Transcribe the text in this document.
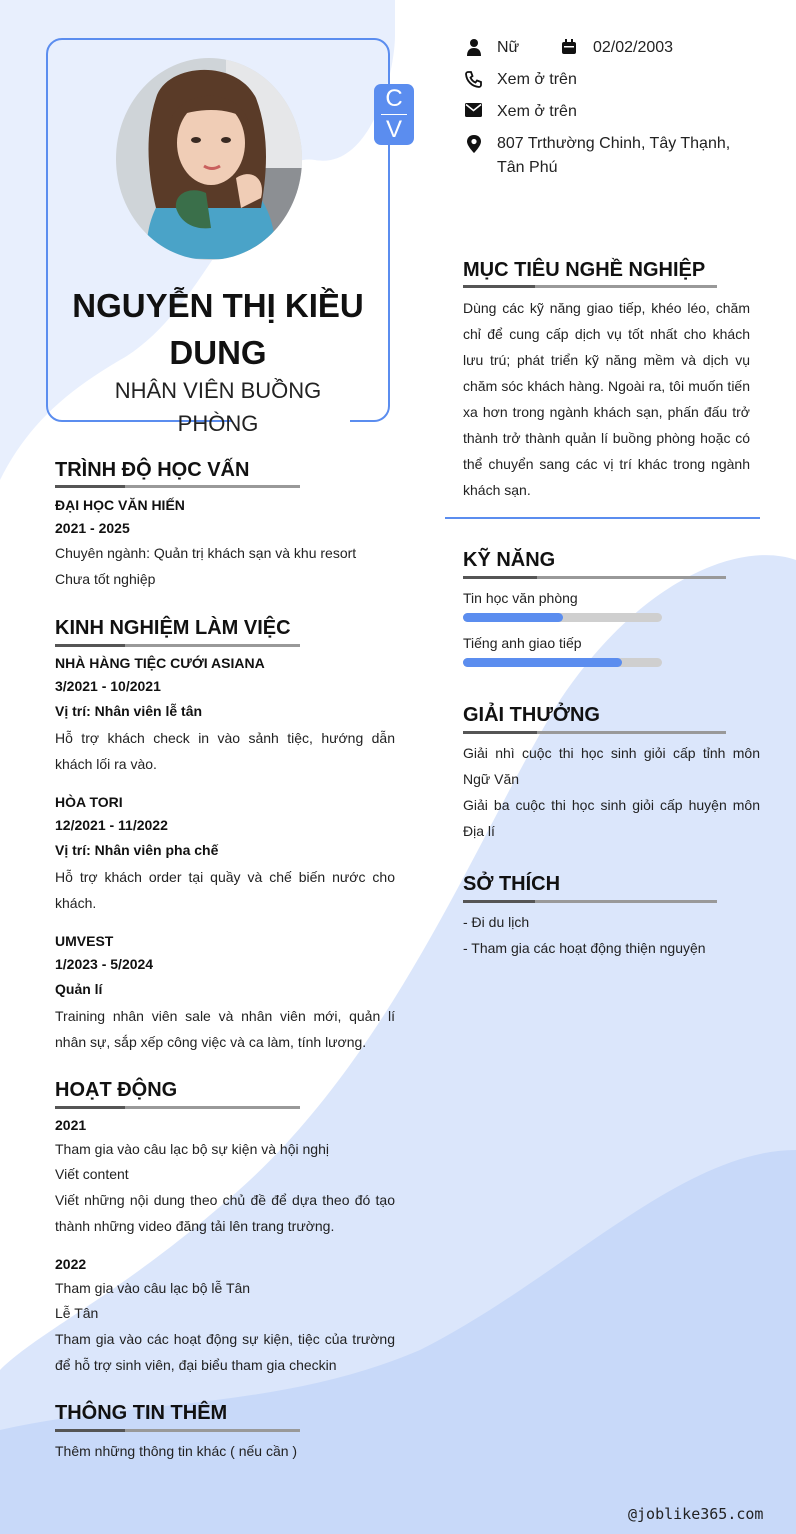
C
V
NGUYỄN THỊ KIỀU DUNG
NHÂN VIÊN BUỒNG PHÒNG
Nữ	02/02/2003
Xem ở trên
Xem ở trên
807 Trthường Chinh, Tây Thạnh, Tân Phú
MỤC TIÊU NGHỀ NGHIỆP
Dùng các kỹ năng giao tiếp, khéo léo, chăm chỉ để cung cấp dịch vụ tốt nhất cho khách lưu trú; phát triển kỹ năng mềm và dịch vụ chăm sóc khách hàng. Ngoài ra, tôi muốn tiến xa hơn trong ngành khách sạn, phấn đấu trở thành trở thành quản lí buồng phòng hoặc có thể chuyển sang các vị trí khác trong ngành khách sạn.
TRÌNH ĐỘ HỌC VẤN
ĐẠI HỌC VĂN HIẾN
2021 - 2025
Chuyên ngành: Quản trị khách sạn và khu resort
Chưa tốt nghiệp
KINH NGHIỆM LÀM VIỆC
NHÀ HÀNG TIỆC CƯỚI ASIANA
3/2021 - 10/2021
Vị trí: Nhân viên lễ tân
Hỗ trợ khách check in vào sảnh tiệc, hướng dẫn khách lối ra vào.
HÒA TORI
12/2021 - 11/2022
Vị trí: Nhân viên pha chế
Hỗ trợ khách order tại quầy và chế biến nước cho khách.
UMVEST
1/2023 - 5/2024
Quản lí
Training nhân viên sale và nhân viên mới, quản lí nhân sự, sắp xếp công việc và ca làm, tính lương.
HOẠT ĐỘNG
2021
Tham gia vào câu lạc bộ sự kiện và hội nghị
Viết content
Viết những nội dung theo chủ đề để dựa theo đó tạo thành những video đăng tải lên trang trường.
2022
Tham gia vào câu lạc bộ lễ Tân
Lễ Tân
Tham gia vào các hoạt động sự kiện, tiệc của trường để hỗ trợ sinh viên, đại biểu tham gia checkin
THÔNG TIN THÊM
Thêm những thông tin khác ( nếu cần )
KỸ NĂNG
Tin học văn phòng
Tiếng anh giao tiếp
GIẢI THƯỞNG
Giải nhì cuộc thi học sinh giỏi cấp tỉnh môn Ngữ Văn
Giải ba cuộc thi học sinh giỏi cấp huyện môn Địa lí
SỞ THÍCH
- Đi du lịch
- Tham gia các hoạt động thiện nguyện
@joblike365.com
